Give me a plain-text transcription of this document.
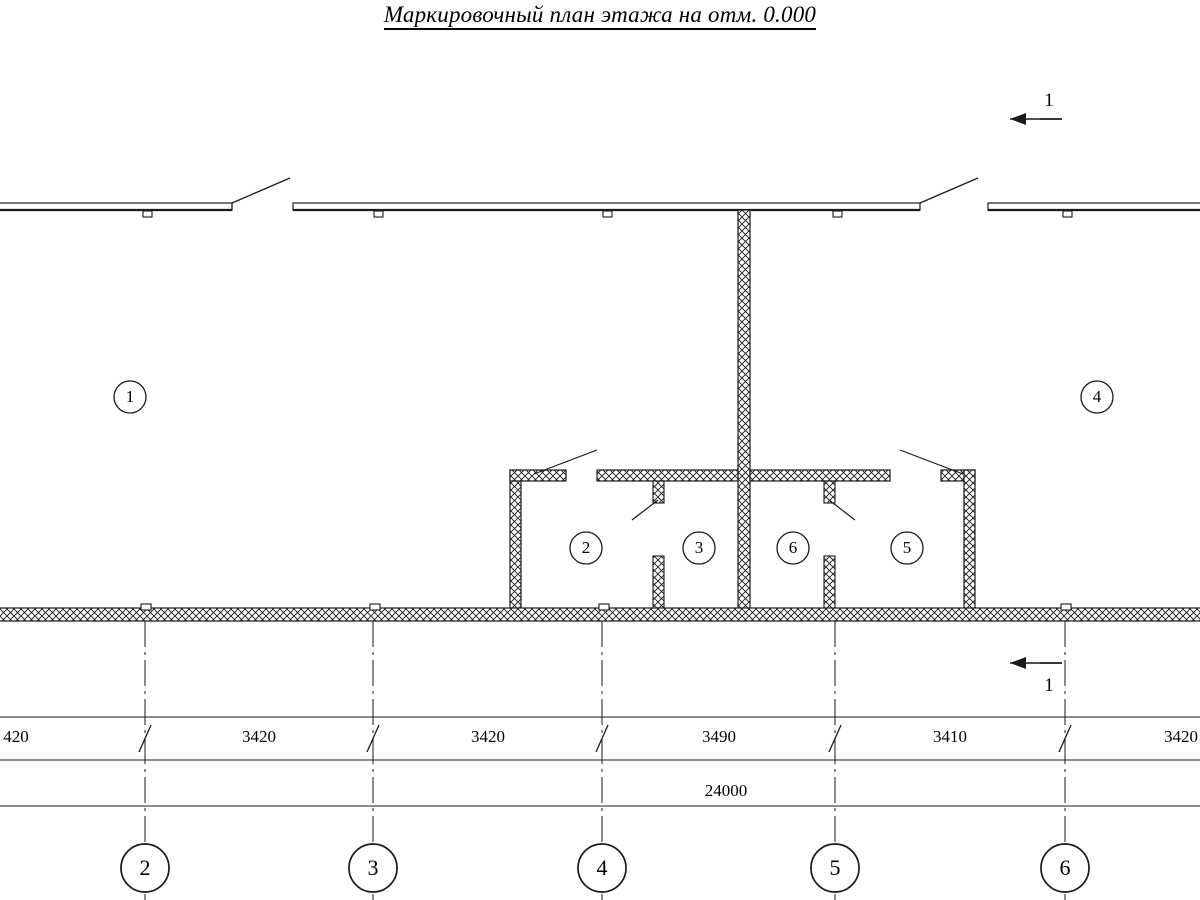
Маркировочный план этажа на отм. 0.000
1
1
1	4
2	3	6	5
420	3420	3420	3490	3410	3420
24000
2	3	4	5	6
